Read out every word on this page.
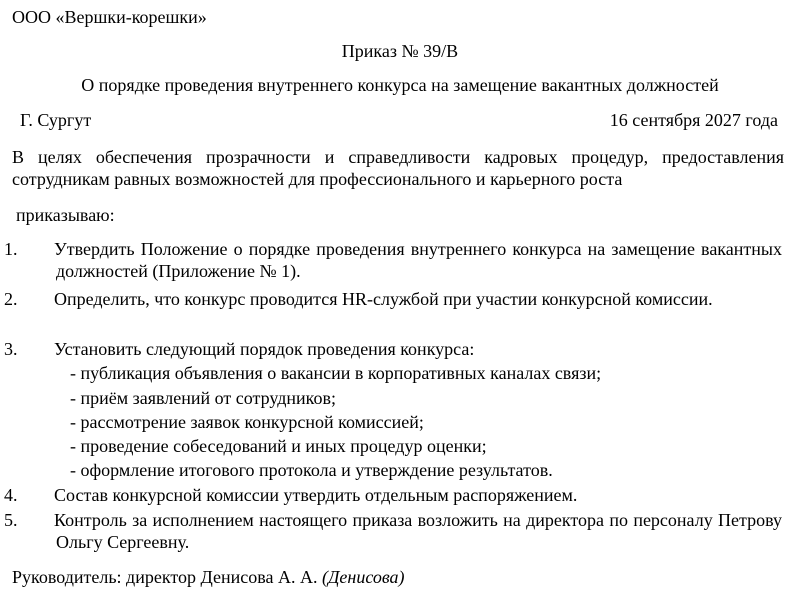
ООО «Вершки-корешки»
Приказ № 39/В
О порядке проведения внутреннего конкурса на замещение вакантных должностей
Г. Сургут	16 сентября 2027 года
В целях обеспечения прозрачности и справедливости кадровых процедур, предоставления сотрудникам равных возможностей для профессионального и карьерного роста
приказываю:
1. Утвердить Положение о порядке проведения внутреннего конкурса на замещение вакантных должностей (Приложение № 1).
2. Определить, что конкурс проводится HR-службой при участии конкурсной комиссии.
3. Установить следующий порядок проведения конкурса:
- публикация объявления о вакансии в корпоративных каналах связи;
- приём заявлений от сотрудников;
- рассмотрение заявок конкурсной комиссией;
- проведение собеседований и иных процедур оценки;
- оформление итогового протокола и утверждение результатов.
4. Состав конкурсной комиссии утвердить отдельным распоряжением.
5. Контроль за исполнением настоящего приказа возложить на директора по персоналу Петрову Ольгу Сергеевну.
Руководитель: директор Денисова А. А. (Денисова)
